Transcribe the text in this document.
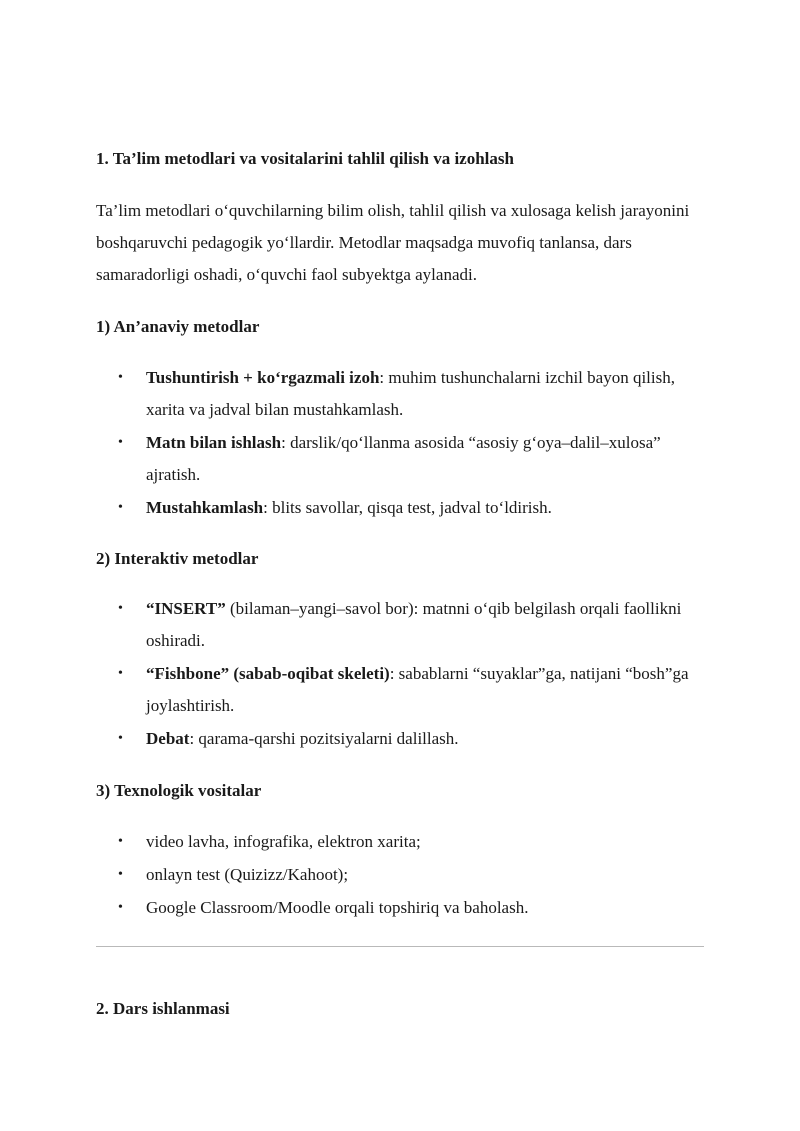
1. Ta’lim metodlari va vositalarini tahlil qilish va izohlash

Ta’lim metodlari o‘quvchilarning bilim olish, tahlil qilish va xulosaga kelish jarayonini boshqaruvchi pedagogik yo‘llardir. Metodlar maqsadga muvofiq tanlansa, dars samaradorligi oshadi, o‘quvchi faol subyektga aylanadi.

1) An’anaviy metodlar
• Tushuntirish + ko‘rgazmali izoh: muhim tushunchalarni izchil bayon qilish, xarita va jadval bilan mustahkamlash.
• Matn bilan ishlash: darslik/qo‘llanma asosida “asosiy g‘oya–dalil–xulosa” ajratish.
• Mustahkamlash: blits savollar, qisqa test, jadval to‘ldirish.
2) Interaktiv metodlar
• “INSERT” (bilaman–yangi–savol bor): matnni o‘qib belgilash orqali faollikni oshiradi.
• “Fishbone” (sabab-oqibat skeleti): sabablarni “suyaklar”ga, natijani “bosh”ga joylashtirish.
• Debat: qarama-qarshi pozitsiyalarni dalillash.
3) Texnologik vositalar
• video lavha, infografika, elektron xarita;
• onlayn test (Quizizz/Kahoot);
• Google Classroom/Moodle orqali topshiriq va baholash.
2. Dars ishlanmasi
